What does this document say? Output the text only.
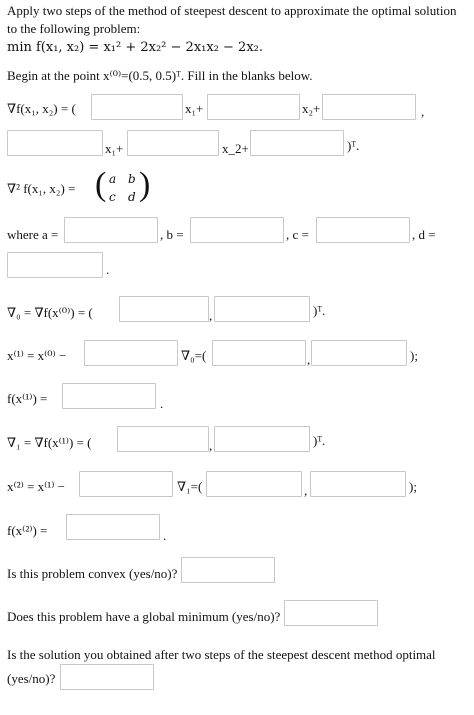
Apply two steps of the method of steepest descent to approximate the optimal solution
to the following problem:
min f(x₁, x₂) = x₁² + 2x₂² − 2x₁x₂ − 2x₂.
Begin at the point x⁽⁰⁾=(0.5, 0.5)ᵀ. Fill in the blanks below.
∇f(x₁, x₂) = (	x₁+	x₂+	,
x₁+	x_2+	)ᵀ.
∇² f(x₁, x₂) = ( a b
c d )
where a =	, b =	, c =	, d =
.
∇₀ = ∇f(x⁽⁰⁾) = (	,	)ᵀ.
x⁽¹⁾ = x⁽⁰⁾ −	∇₀=(	,	);
f(x⁽¹⁾) =	.
∇₁ = ∇f(x⁽¹⁾) = (	,	)ᵀ.
x⁽²⁾ = x⁽¹⁾ −	∇₁=(	,	);
f(x⁽²⁾) =	.
Is this problem convex (yes/no)?
Does this problem have a global minimum (yes/no)?
Is the solution you obtained after two steps of the steepest descent method optimal
(yes/no)?
